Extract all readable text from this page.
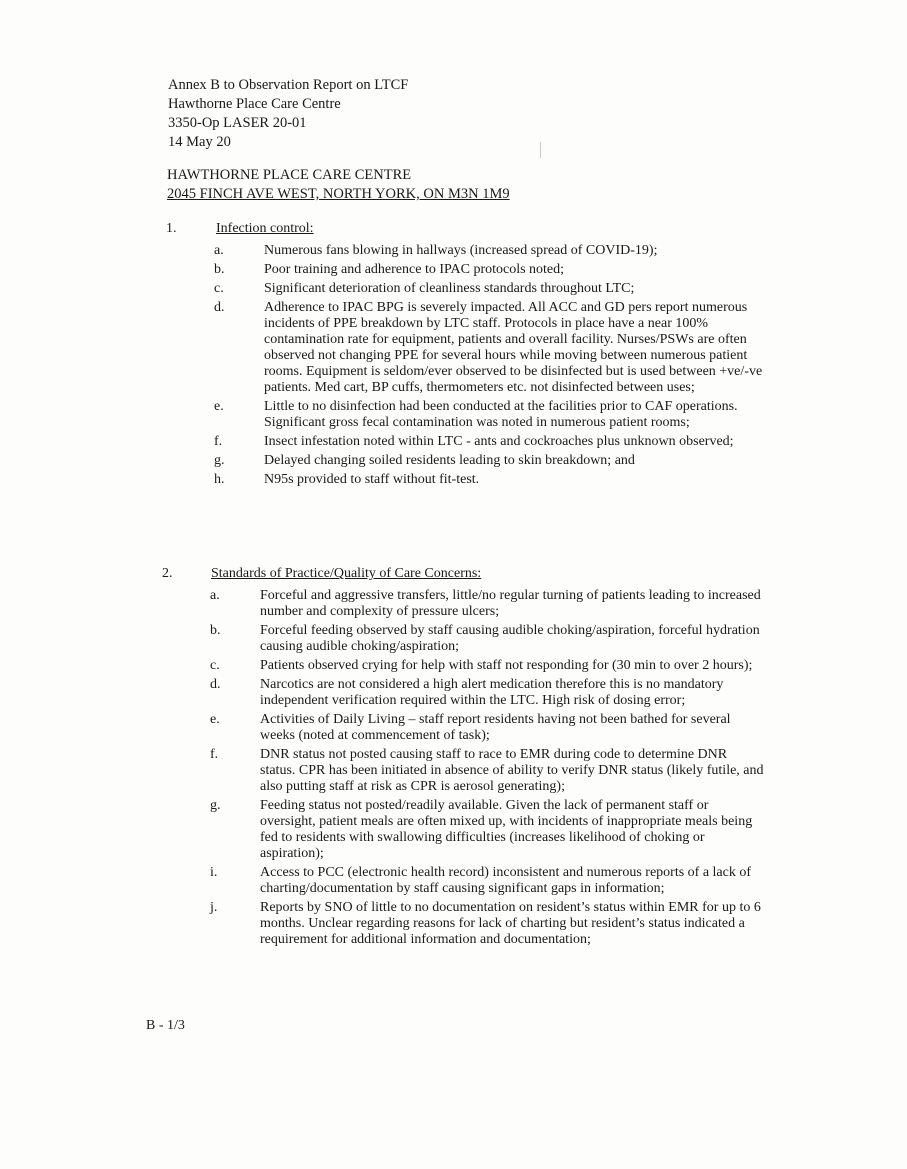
Annex B to Observation Report on LTCF
Hawthorne Place Care Centre
3350-Op LASER 20-01
14 May 20
HAWTHORNE PLACE CARE CENTRE
2045 FINCH AVE WEST, NORTH YORK, ON M3N 1M9
1.	Infection control:
a.	Numerous fans blowing in hallways (increased spread of COVID-19);
b.	Poor training and adherence to IPAC protocols noted;
c.	Significant deterioration of cleanliness standards throughout LTC;
d.	Adherence to IPAC BPG is severely impacted. All ACC and GD pers report numerous incidents of PPE breakdown by LTC staff. Protocols in place have a near 100% contamination rate for equipment, patients and overall facility. Nurses/PSWs are often observed not changing PPE for several hours while moving between numerous patient rooms. Equipment is seldom/ever observed to be disinfected but is used between +ve/-ve patients. Med cart, BP cuffs, thermometers etc. not disinfected between uses;
e.	Little to no disinfection had been conducted at the facilities prior to CAF operations. Significant gross fecal contamination was noted in numerous patient rooms;
f.	Insect infestation noted within LTC - ants and cockroaches plus unknown observed;
g.	Delayed changing soiled residents leading to skin breakdown; and
h.	N95s provided to staff without fit-test.
2.	Standards of Practice/Quality of Care Concerns:
a.	Forceful and aggressive transfers, little/no regular turning of patients leading to increased number and complexity of pressure ulcers;
b.	Forceful feeding observed by staff causing audible choking/aspiration, forceful hydration causing audible choking/aspiration;
c.	Patients observed crying for help with staff not responding for (30 min to over 2 hours);
d.	Narcotics are not considered a high alert medication therefore this is no mandatory independent verification required within the LTC. High risk of dosing error;
e.	Activities of Daily Living – staff report residents having not been bathed for several weeks (noted at commencement of task);
f.	DNR status not posted causing staff to race to EMR during code to determine DNR status. CPR has been initiated in absence of ability to verify DNR status (likely futile, and also putting staff at risk as CPR is aerosol generating);
g.	Feeding status not posted/readily available. Given the lack of permanent staff or oversight, patient meals are often mixed up, with incidents of inappropriate meals being fed to residents with swallowing difficulties (increases likelihood of choking or aspiration);
i.	Access to PCC (electronic health record) inconsistent and numerous reports of a lack of charting/documentation by staff causing significant gaps in information;
j.	Reports by SNO of little to no documentation on resident’s status within EMR for up to 6 months. Unclear regarding reasons for lack of charting but resident’s status indicated a requirement for additional information and documentation;
B - 1/3
